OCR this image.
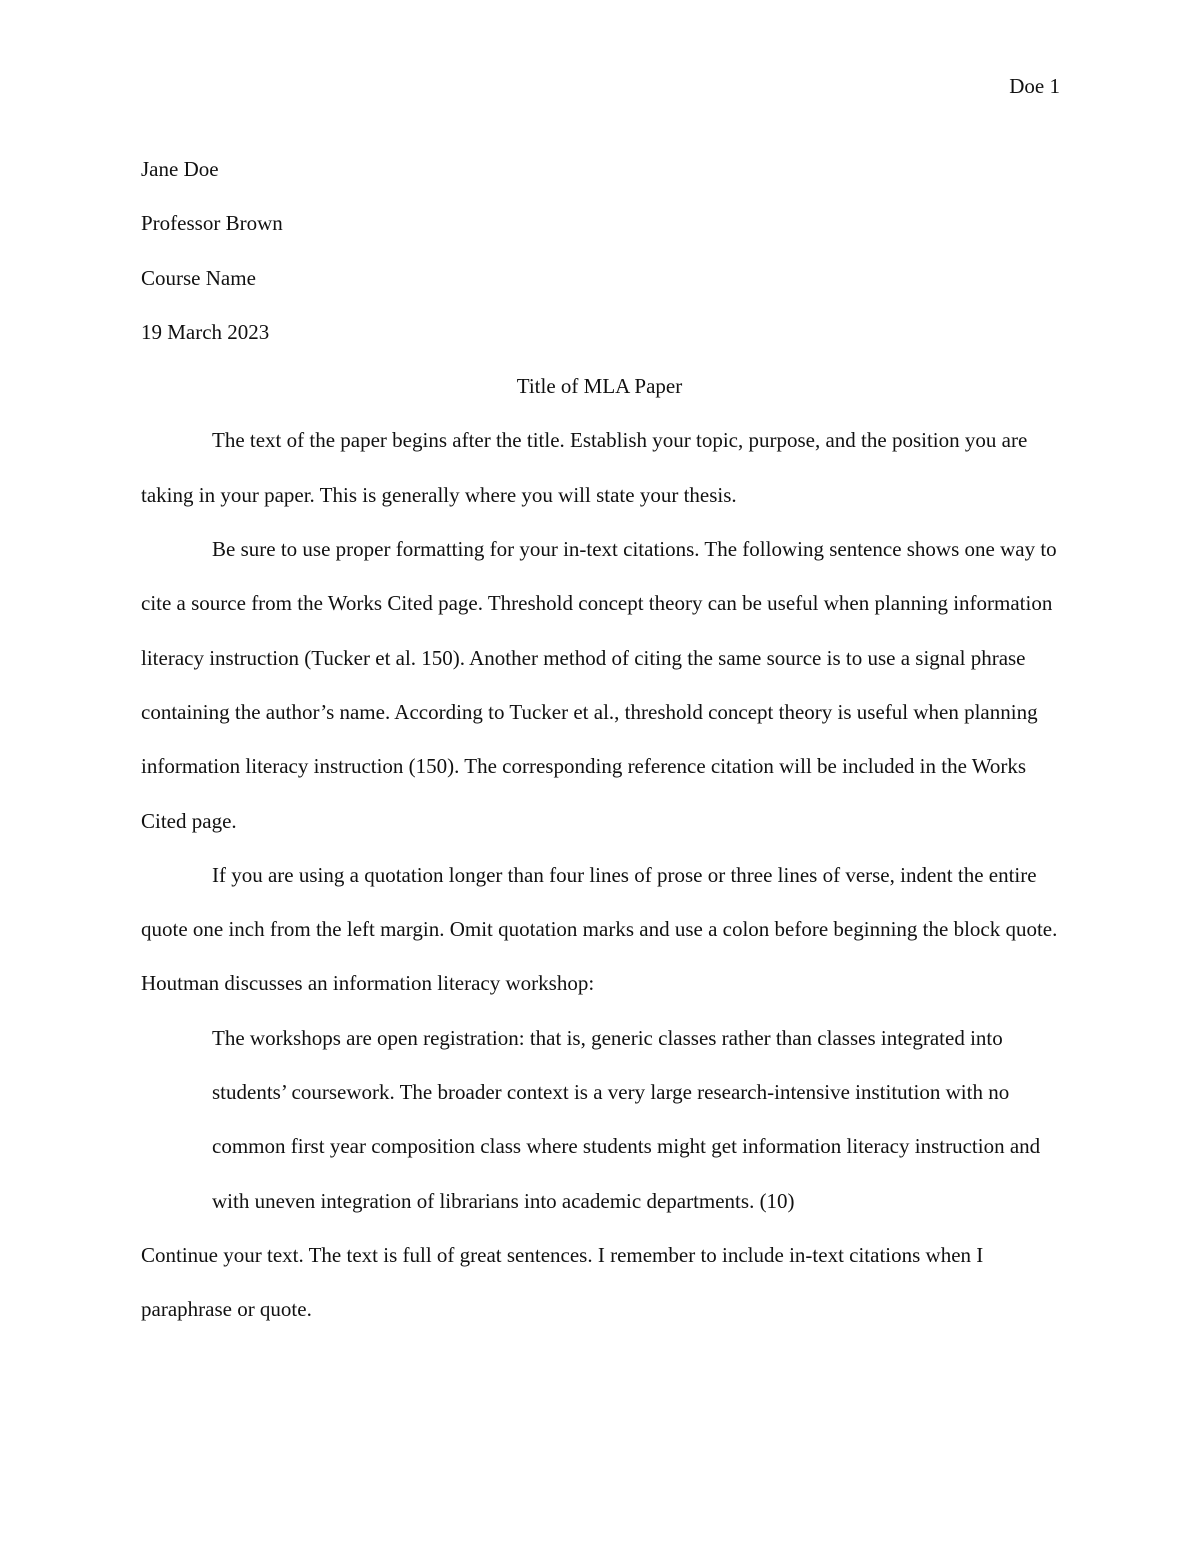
Doe 1

Jane Doe

Professor Brown

Course Name

19 March 2023

Title of MLA Paper

The text of the paper begins after the title. Establish your topic, purpose, and the position you are taking in your paper. This is generally where you will state your thesis.

Be sure to use proper formatting for your in-text citations. The following sentence shows one way to cite a source from the Works Cited page. Threshold concept theory can be useful when planning information literacy instruction (Tucker et al. 150). Another method of citing the same source is to use a signal phrase containing the author’s name. According to Tucker et al., threshold concept theory is useful when planning information literacy instruction (150). The corresponding reference citation will be included in the Works Cited page.

If you are using a quotation longer than four lines of prose or three lines of verse, indent the entire quote one inch from the left margin. Omit quotation marks and use a colon before beginning the block quote. Houtman discusses an information literacy workshop:

The workshops are open registration: that is, generic classes rather than classes integrated into students’ coursework. The broader context is a very large research-intensive institution with no common first year composition class where students might get information literacy instruction and with uneven integration of librarians into academic departments. (10)

Continue your text. The text is full of great sentences. I remember to include in-text citations when I paraphrase or quote.
